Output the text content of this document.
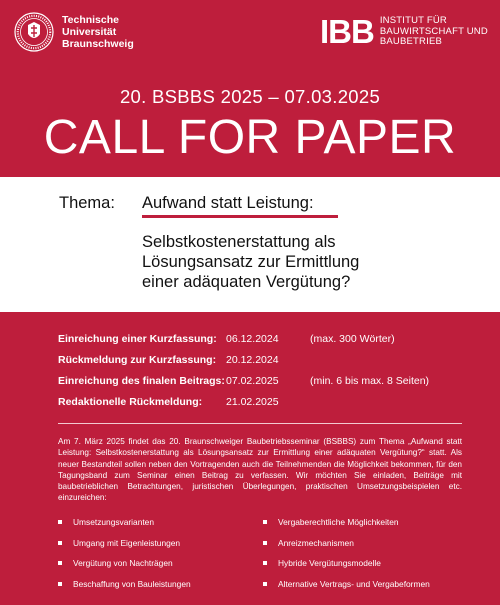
Technische
Universität
Braunschweig	IBB INSTITUT FÜR
BAUWIRTSCHAFT UND
BAUBETRIEB
20. BSBBS 2025 – 07.03.2025
CALL FOR PAPER
Thema: Aufwand statt Leistung:
Selbstkostenerstattung als
Lösungsansatz zur Ermittlung
einer adäquaten Vergütung?
Einreichung einer Kurzfassung: 06.12.2024	(max. 300 Wörter)
Rückmeldung zur Kurzfassung: 20.12.2024
Einreichung des finalen Beitrags: 07.02.2025	(min. 6 bis max. 8 Seiten)
Redaktionelle Rückmeldung: 21.02.2025

Am 7. März 2025 findet das 20. Braunschweiger Baubetriebsseminar (BSBBS) zum Thema „Aufwand statt Leistung: Selbstkostenerstattung als Lösungsansatz zur Ermittlung einer adäquaten Vergütung?“ statt. Als neuer Bestandteil sollen neben den Vortragenden auch die Teilnehmenden die Möglichkeit bekommen, für den Tagungsband zum Seminar einen Beitrag zu verfassen. Wir möchten Sie einladen, Beiträge mit baubetrieblichen Betrachtungen, juristischen Überlegungen, praktischen Umsetzungsbeispielen etc. einzureichen:

Umsetzungsvarianten
Umgang mit Eigenleistungen
Vergütung von Nachträgen
Beschaffung von Bauleistungen
Vergaberechtliche Möglichkeiten
Anreizmechanismen
Hybride Vergütungsmodelle
Alternative Vertrags- und Vergabeformen
